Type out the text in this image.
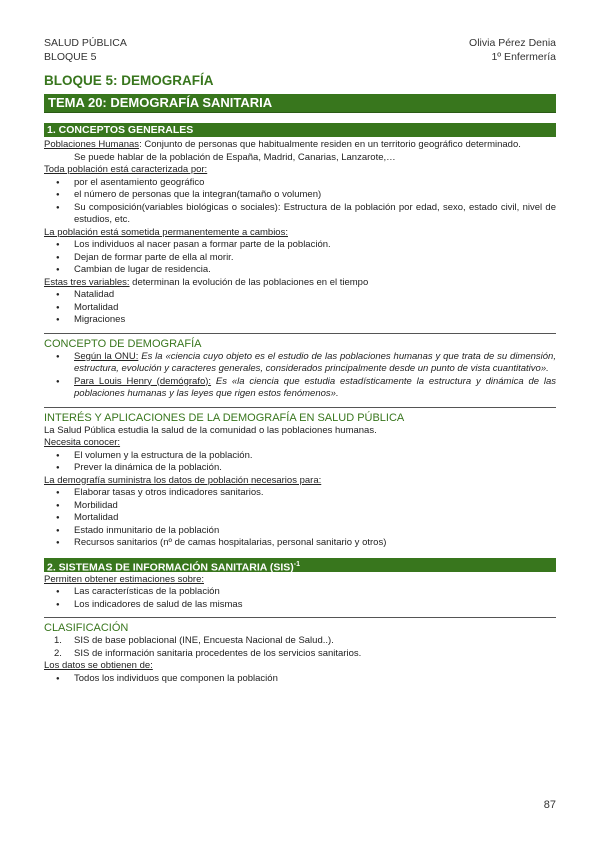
SALUD PÚBLICA
BLOQUE 5
Olivia Pérez Denia
1º Enfermería
BLOQUE 5: DEMOGRAFÍA
TEMA 20: DEMOGRAFÍA SANITARIA
1. CONCEPTOS GENERALES

Poblaciones Humanas: Conjunto de personas que habitualmente residen en un territorio geográfico determinado.

Se puede hablar de la población de España, Madrid, Canarias, Lanzarote,…

Toda población está caracterizada por:

● por el asentamiento geográfico
● el número de personas que la integran(tamaño o volumen)
● Su composición(variables biológicas o sociales): Estructura de la población por edad, sexo, estado civil, nivel de estudios, etc.

La población está sometida permanentemente a cambios:

● Los individuos al nacer pasan a formar parte de la población.
● Dejan de formar parte de ella al morir.
● Cambian de lugar de residencia.

Estas tres variables: determinan la evolución de las poblaciones en el tiempo

● Natalidad
● Mortalidad
● Migraciones
CONCEPTO DE DEMOGRAFÍA
● Según la ONU: Es la «ciencia cuyo objeto es el estudio de las poblaciones humanas y que trata de su dimensión, estructura, evolución y caracteres generales, considerados principalmente desde un punto de vista cuantitativo».
● Para Louis Henry (demógrafo): Es «la ciencia que estudia estadísticamente la estructura y dinámica de las poblaciones humanas y las leyes que rigen estos fenómenos».
INTERÉS Y APLICACIONES DE LA DEMOGRAFÍA EN SALUD PÚBLICA

La Salud Pública estudia la salud de la comunidad o las poblaciones humanas.

Necesita conocer:

● El volumen y la estructura de la población.
● Prever la dinámica de la población.

La demografía suministra los datos de población necesarios para:

● Elaborar tasas y otros indicadores sanitarios.
● Morbilidad
● Mortalidad
● Estado inmunitario de la población
● Recursos sanitarios (nº de camas hospitalarias, personal sanitario y otros)
2. SISTEMAS DE INFORMACIÓN SANITARIA (SIS)$^{-1}$

Permiten obtener estimaciones sobre:

● Las características de la población
● Los indicadores de salud de las mismas
CLASIFICACIÓN
1. SIS de base poblacional (INE, Encuesta Nacional de Salud..).
2. SIS de información sanitaria procedentes de los servicios sanitarios.

Los datos se obtienen de:

● Todos los individuos que componen la población
87
